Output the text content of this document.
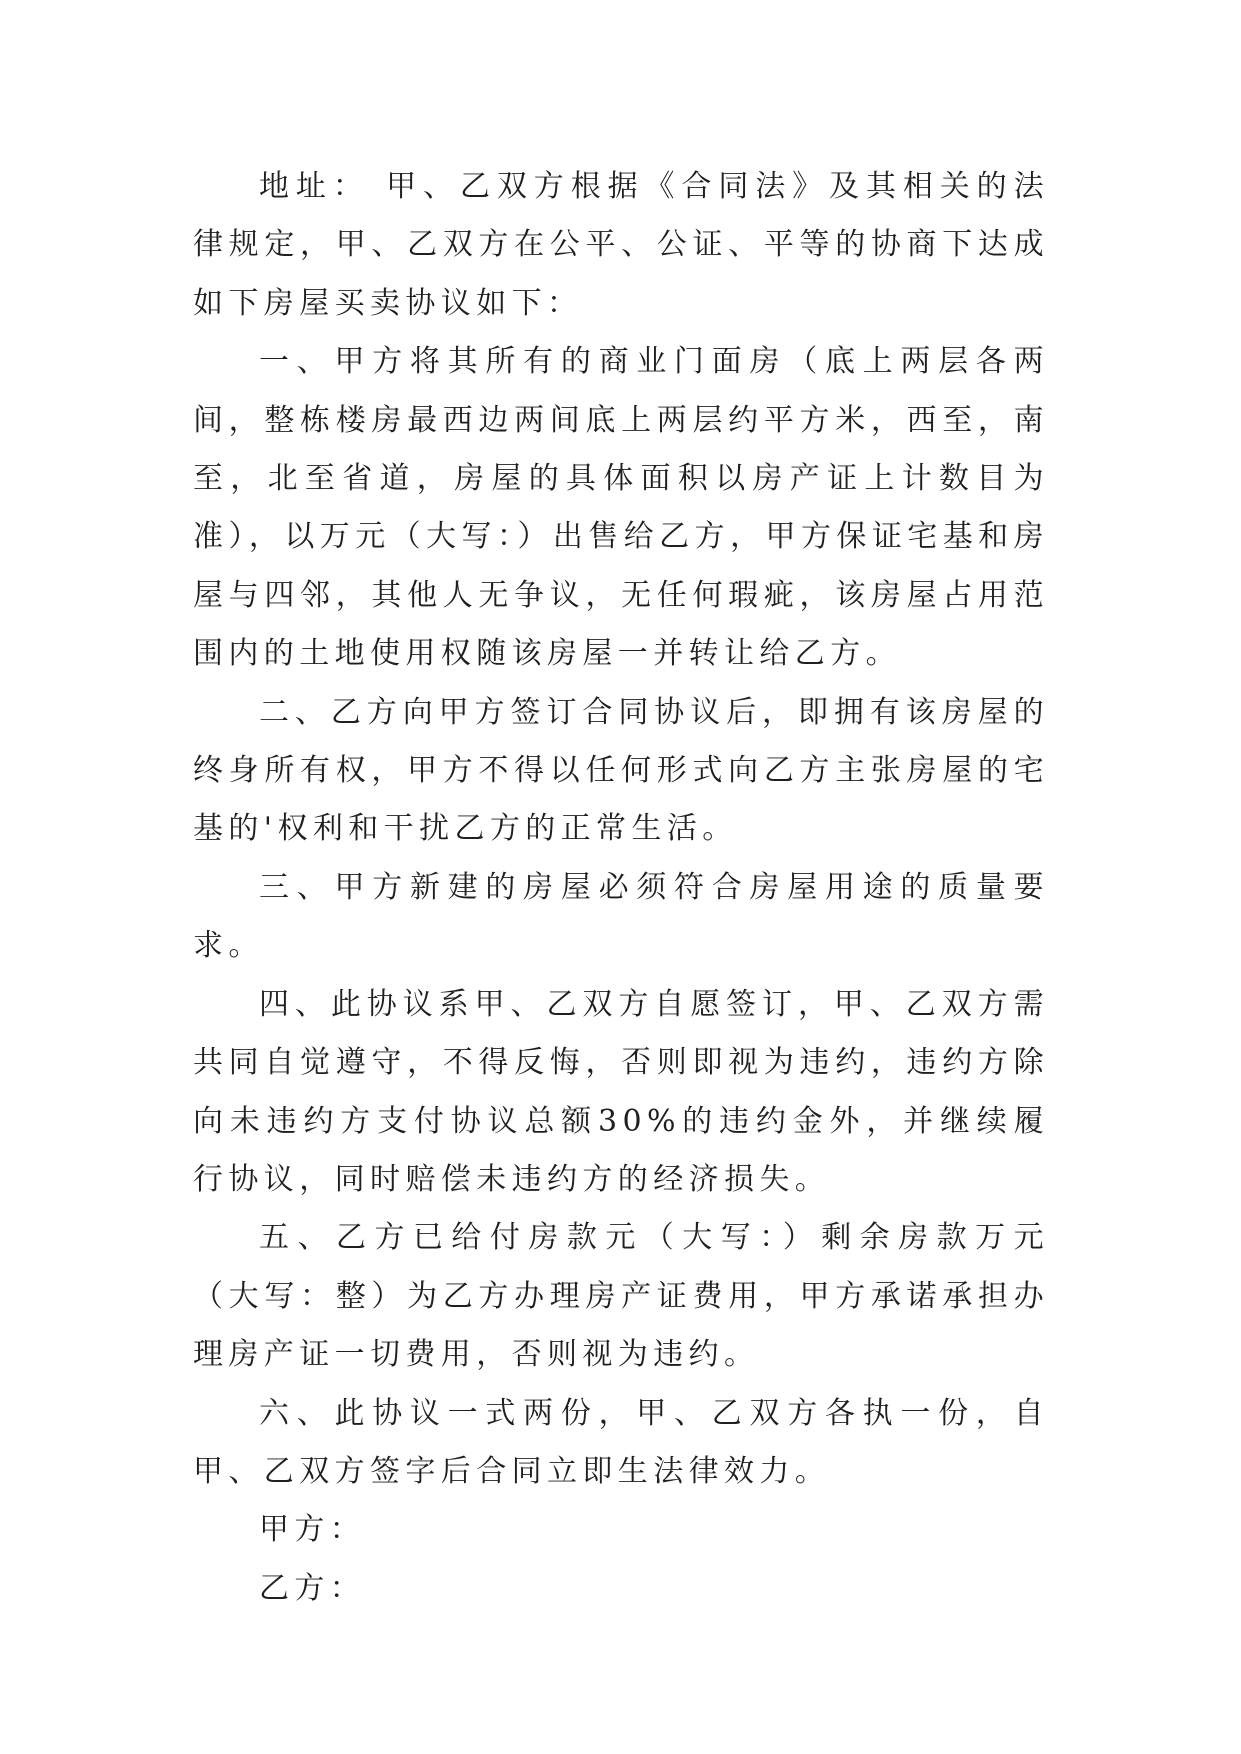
地址： 甲、乙双方根据《合同法》及其相关的法律规定，甲、乙双方在公平、公证、平等的协商下达成如下房屋买卖协议如下：

一、甲方将其所有的商业门面房（底上两层各两间，整栋楼房最西边两间底上两层约平方米，西至，南至，北至省道，房屋的具体面积以房产证上计数目为准），以万元（大写：）出售给乙方，甲方保证宅基和房屋与四邻，其他人无争议，无任何瑕疵，该房屋占用范围内的土地使用权随该房屋一并转让给乙方。

二、乙方向甲方签订合同协议后，即拥有该房屋的终身所有权，甲方不得以任何形式向乙方主张房屋的宅基的'权利和干扰乙方的正常生活。

三、甲方新建的房屋必须符合房屋用途的质量要求。

四、此协议系甲、乙双方自愿签订，甲、乙双方需共同自觉遵守，不得反悔，否则即视为违约，违约方除向未违约方支付协议总额30%的违约金外，并继续履行协议，同时赔偿未违约方的经济损失。

五、乙方已给付房款元（大写：）剩余房款万元（大写：整）为乙方办理房产证费用，甲方承诺承担办理房产证一切费用，否则视为违约。

六、此协议一式两份，甲、乙双方各执一份，自甲、乙双方签字后合同立即生法律效力。

甲方：

乙方：
